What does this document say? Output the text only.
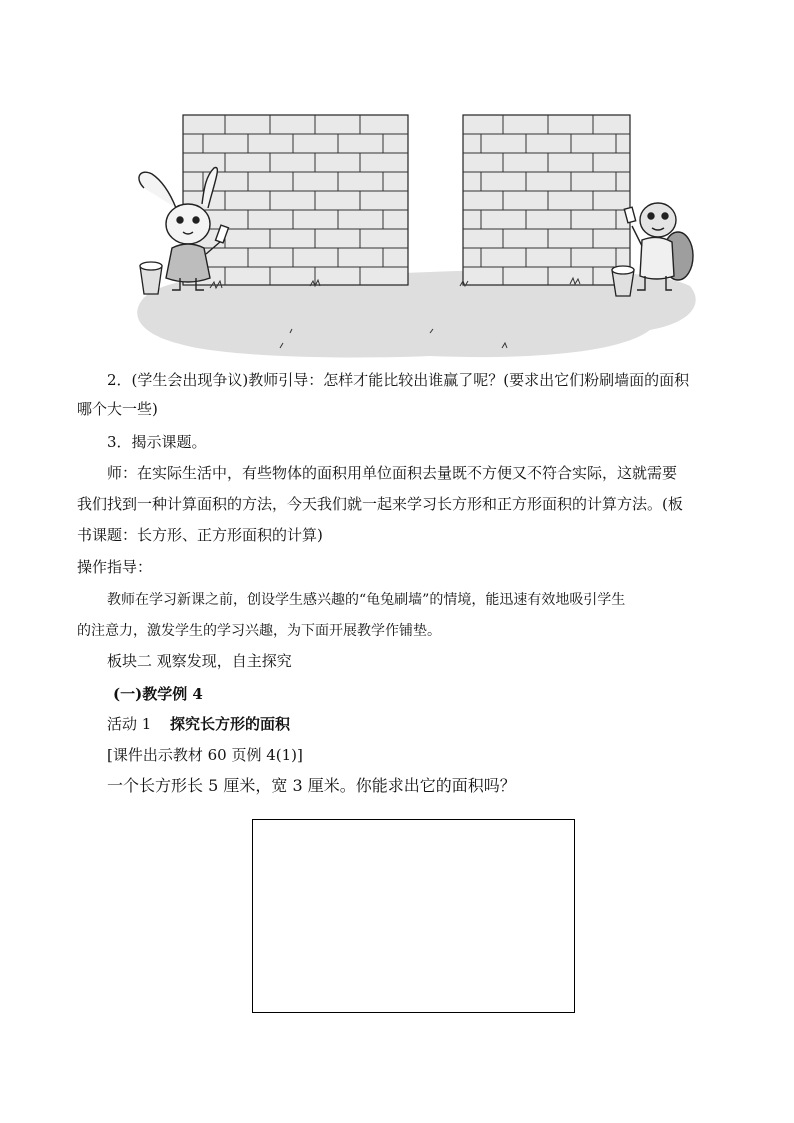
2．(学生会出现争议)教师引导：怎样才能比较出谁赢了呢？(要求出它们粉刷墙面的面积
哪个大一些)
3．揭示课题。
师：在实际生活中，有些物体的面积用单位面积去量既不方便又不符合实际，这就需要
我们找到一种计算面积的方法，今天我们就一起来学习长方形和正方形面积的计算方法。(板
书课题：长方形、正方形面积的计算)
操作指导：
教师在学习新课之前，创设学生感兴趣的“龟兔刷墙”的情境，能迅速有效地吸引学生
的注意力，激发学生的学习兴趣，为下面开展教学作铺垫。
板块二 观察发现，自主探究
(一)教学例 4
活动 1 探究长方形的面积
[课件出示教材 60 页例 4(1)]
一个长方形长 5 厘米，宽 3 厘米。你能求出它的面积吗？
